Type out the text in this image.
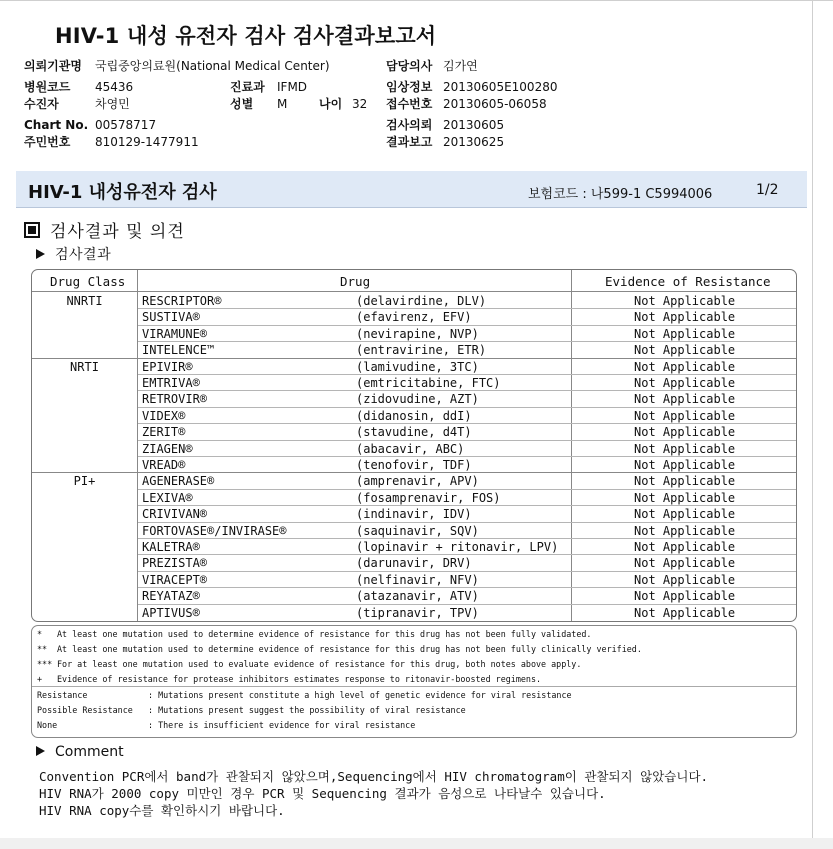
HIV-1 내성 유전자 검사 검사결과보고서
의뢰기관명 국립중앙의료원(National Medical Center)
병원코드 45436
수진자	차영민
Chart No. 00578717
주민번호 810129-1477911
진료과 IFMD
성별 M	나이 32
담당의사 김가연
임상정보 20130605E100280
접수번호 20130605-06058
검사의뢰 20130605
결과보고 20130625
HIV-1 내성유전자 검사	보험코드 : 나599-1 C5994006	1/2
검사결과 및 의견
검사결과
Drug Class	Drug	Evidence of Resistance
NNRTI	RESCRIPTOR®	(delavirdine, DLV)	Not Applicable
SUSTIVA®	(efavirenz, EFV)	Not Applicable
VIRAMUNE®	(nevirapine, NVP)	Not Applicable
INTELENCE™	(entravirine, ETR)	Not Applicable
NRTI	EPIVIR®	(lamivudine, 3TC)	Not Applicable
EMTRIVA®	(emtricitabine, FTC)	Not Applicable
RETROVIR®	(zidovudine, AZT)	Not Applicable
VIDEX®	(didanosin, ddI)	Not Applicable
ZERIT®	(stavudine, d4T)	Not Applicable
ZIAGEN®	(abacavir, ABC)	Not Applicable
VREAD®	(tenofovir, TDF)	Not Applicable
PI+	AGENERASE®	(amprenavir, APV)	Not Applicable
LEXIVA®	(fosamprenavir, FOS)	Not Applicable
CRIVIVAN®	(indinavir, IDV)	Not Applicable
FORTOVASE®/INVIRASE®	(saquinavir, SQV)	Not Applicable
KALETRA®	(lopinavir + ritonavir, LPV)	Not Applicable
PREZISTA®	(darunavir, DRV)	Not Applicable
VIRACEPT®	(nelfinavir, NFV)	Not Applicable
REYATAZ®	(atazanavir, ATV)	Not Applicable
APTIVUS®	(tipranavir, TPV)	Not Applicable
* At least one mutation used to determine evidence of resistance for this drug has not been fully validated.
** At least one mutation used to determine evidence of resistance for this drug has not been fully clinically verified.
*** For at least one mutation used to evaluate evidence of resistance for this drug, both notes above apply.
+ Evidence of resistance for protease inhibitors estimates response to ritonavir-boosted regimens.
Resistance	: Mutations present constitute a high level of genetic evidence for viral resistance
Possible Resistance : Mutations present suggest the possibility of viral resistance
None	: There is insufficient evidence for viral resistance
Comment
Convention PCR에서 band가 관찰되지 않았으며,Sequencing에서 HIV chromatogram이 관찰되지 않았습니다.
HIV RNA가 2000 copy 미만인 경우 PCR 및 Sequencing 결과가 음성으로 나타날수 있습니다.
HIV RNA copy수를 확인하시기 바랍니다.
